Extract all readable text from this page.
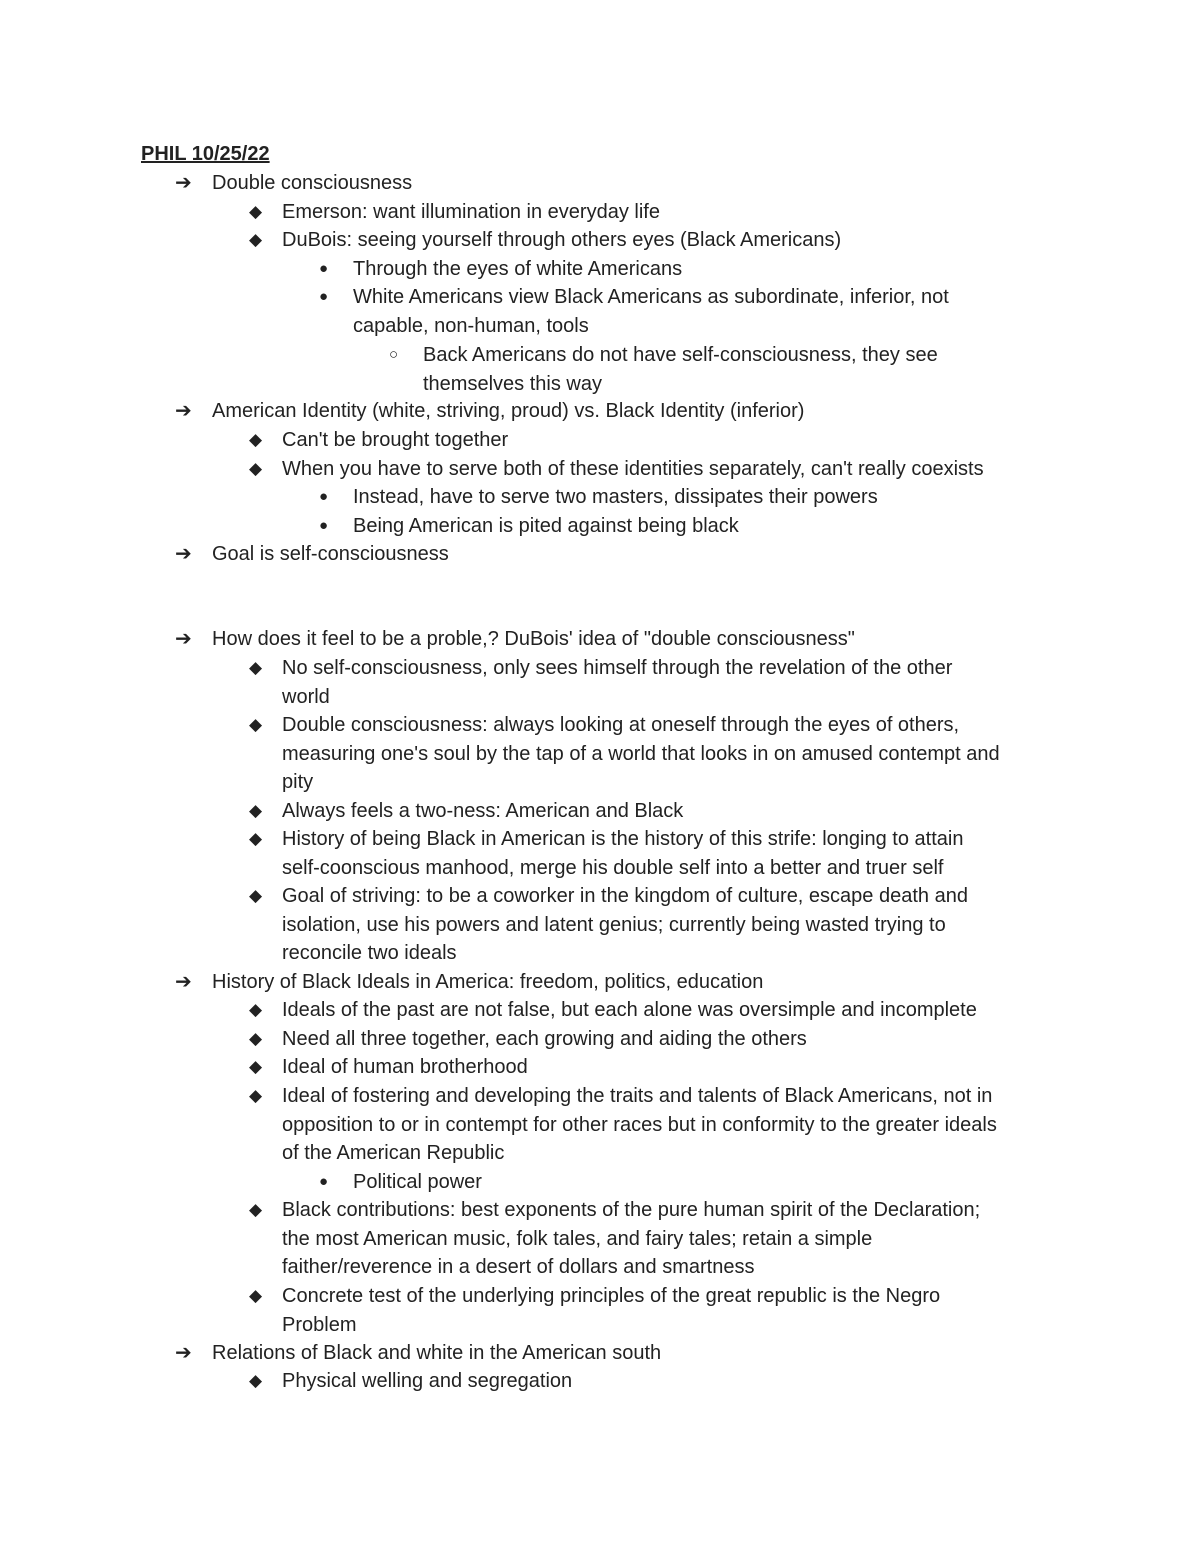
PHIL 10/25/22
➔	Double consciousness
◆ Emerson: want illumination in everyday life
◆ DuBois: seeing yourself through others eyes (Black Americans)
●	Through the eyes of white Americans
●	White Americans view Black Americans as subordinate, inferior, not
capable, non-human, tools
○	Back Americans do not have self-consciousness, they see
themselves this way
➔	American Identity (white, striving, proud) vs. Black Identity (inferior)
◆ Can't be brought together
◆ When you have to serve both of these identities separately, can't really coexists
●	Instead, have to serve two masters, dissipates their powers
●	Being American is pited against being black
➔	Goal is self-consciousness
➔	How does it feel to be a proble,? DuBois' idea of "double consciousness"
◆ No self-consciousness, only sees himself through the revelation of the other
world
◆ Double consciousness: always looking at oneself through the eyes of others,
measuring one's soul by the tap of a world that looks in on amused contempt and
pity
◆ Always feels a two-ness: American and Black
◆ History of being Black in American is the history of this strife: longing to attain
self-coonscious manhood, merge his double self into a better and truer self
◆ Goal of striving: to be a coworker in the kingdom of culture, escape death and
isolation, use his powers and latent genius; currently being wasted trying to
reconcile two ideals
➔	History of Black Ideals in America: freedom, politics, education
◆ Ideals of the past are not false, but each alone was oversimple and incomplete
◆ Need all three together, each growing and aiding the others
◆ Ideal of human brotherhood
◆ Ideal of fostering and developing the traits and talents of Black Americans, not in
opposition to or in contempt for other races but in conformity to the greater ideals
of the American Republic
●	Political power
◆ Black contributions: best exponents of the pure human spirit of the Declaration;
the most American music, folk tales, and fairy tales; retain a simple
faither/reverence in a desert of dollars and smartness
◆ Concrete test of the underlying principles of the great republic is the Negro
Problem
➔	Relations of Black and white in the American south
◆ Physical welling and segregation
